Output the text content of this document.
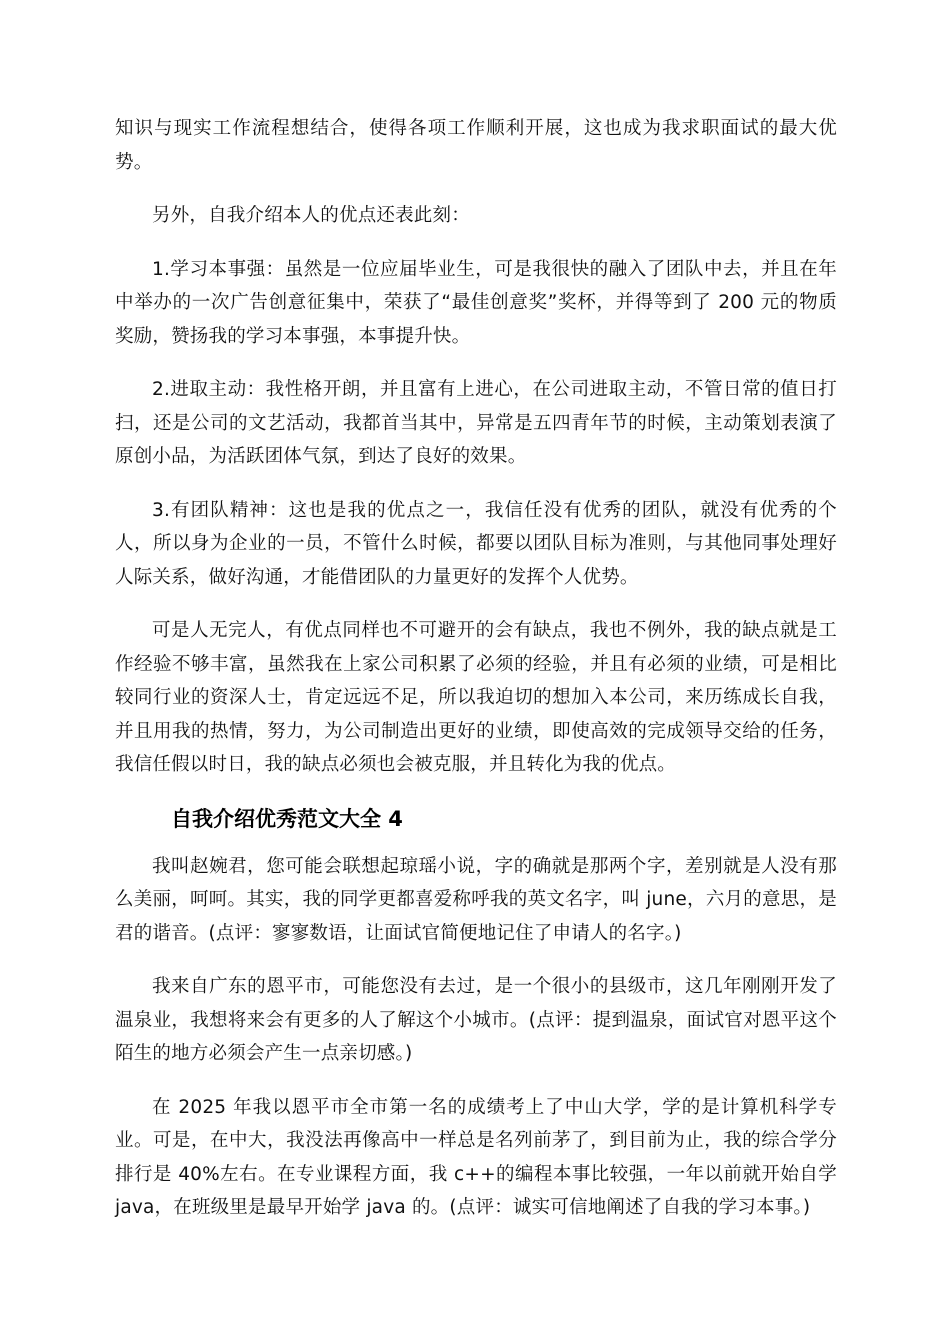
知识与现实工作流程想结合，使得各项工作顺利开展，这也成为我求职面试的最大优势。

另外，自我介绍本人的优点还表此刻：

1.学习本事强：虽然是一位应届毕业生，可是我很快的融入了团队中去，并且在年中举办的一次广告创意征集中，荣获了“最佳创意奖”奖杯，并得等到了 200 元的物质奖励，赞扬我的学习本事强，本事提升快。

2.进取主动：我性格开朗，并且富有上进心，在公司进取主动，不管日常的值日打扫，还是公司的文艺活动，我都首当其中，异常是五四青年节的时候，主动策划表演了原创小品，为活跃团体气氛，到达了良好的效果。

3.有团队精神：这也是我的优点之一，我信任没有优秀的团队，就没有优秀的个人，所以身为企业的一员，不管什么时候，都要以团队目标为准则，与其他同事处理好人际关系，做好沟通，才能借团队的力量更好的发挥个人优势。

可是人无完人，有优点同样也不可避开的会有缺点，我也不例外，我的缺点就是工作经验不够丰富，虽然我在上家公司积累了必须的经验，并且有必须的业绩，可是相比较同行业的资深人士，肯定远远不足，所以我迫切的想加入本公司，来历练成长自我，并且用我的热情，努力，为公司制造出更好的业绩，即使高效的完成领导交给的任务，我信任假以时日，我的缺点必须也会被克服，并且转化为我的优点。

自我介绍优秀范文大全 4

我叫赵婉君，您可能会联想起琼瑶小说，字的确就是那两个字，差别就是人没有那么美丽，呵呵。其实，我的同学更都喜爱称呼我的英文名字，叫 june，六月的意思，是君的谐音。(点评：寥寥数语，让面试官简便地记住了申请人的名字。)

我来自广东的恩平市，可能您没有去过，是一个很小的县级市，这几年刚刚开发了温泉业，我想将来会有更多的人了解这个小城市。(点评：提到温泉，面试官对恩平这个陌生的地方必须会产生一点亲切感。)

在 2025 年我以恩平市全市第一名的成绩考上了中山大学，学的是计算机科学专业。可是，在中大，我没法再像高中一样总是名列前茅了，到目前为止，我的综合学分排行是 40%左右。在专业课程方面，我 c++的编程本事比较强，一年以前就开始自学 java，在班级里是最早开始学 java 的。(点评：诚实可信地阐述了自我的学习本事。)
